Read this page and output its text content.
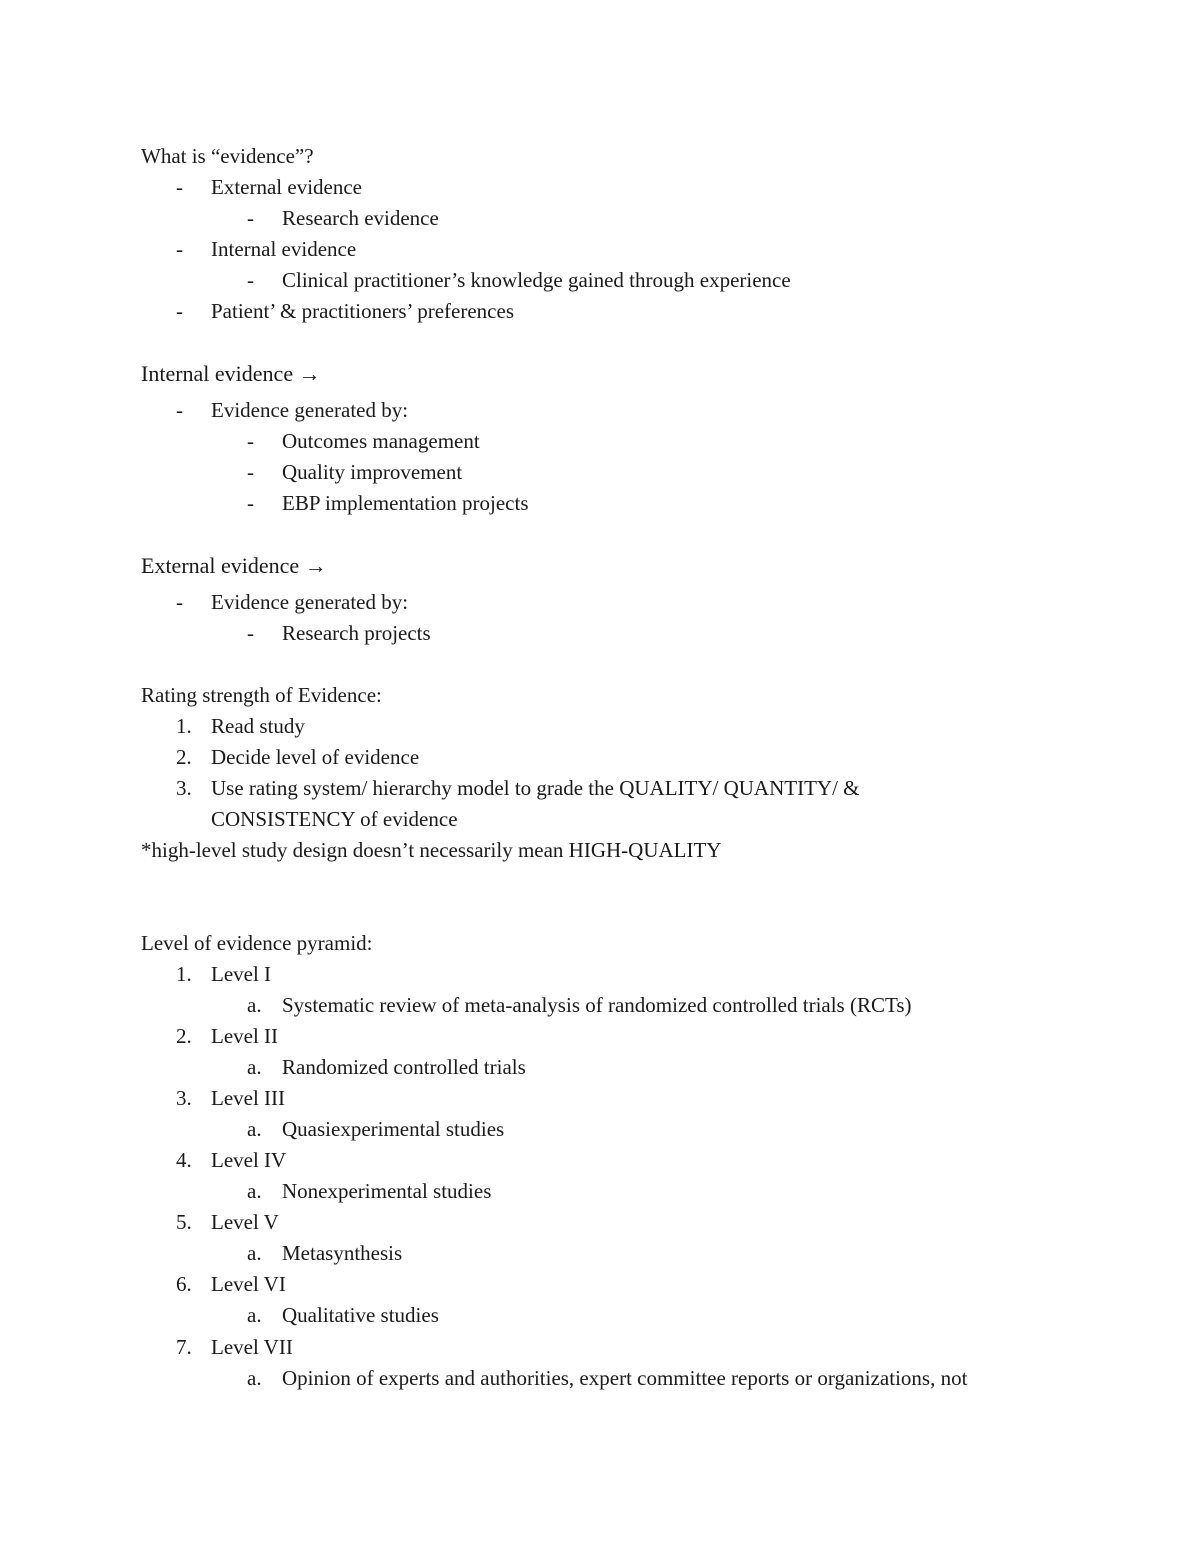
What is “evidence”?
- External evidence
- Research evidence
- Internal evidence
- Clinical practitioner’s knowledge gained through experience
- Patient’ & practitioners’ preferences
Internal evidence →
- Evidence generated by:
- Outcomes management
- Quality improvement
- EBP implementation projects
External evidence →
- Evidence generated by:
- Research projects
Rating strength of Evidence:
1. Read study
2. Decide level of evidence
3. Use rating system/ hierarchy model to grade the QUALITY/ QUANTITY/ &
CONSISTENCY of evidence
*high-level study design doesn’t necessarily mean HIGH-QUALITY
Level of evidence pyramid:
1. Level I
a. Systematic review of meta-analysis of randomized controlled trials (RCTs)
2. Level II
a. Randomized controlled trials
3. Level III
a. Quasiexperimental studies
4. Level IV
a. Nonexperimental studies
5. Level V
a. Metasynthesis
6. Level VI
a. Qualitative studies
7. Level VII
a. Opinion of experts and authorities, expert committee reports or organizations, not
